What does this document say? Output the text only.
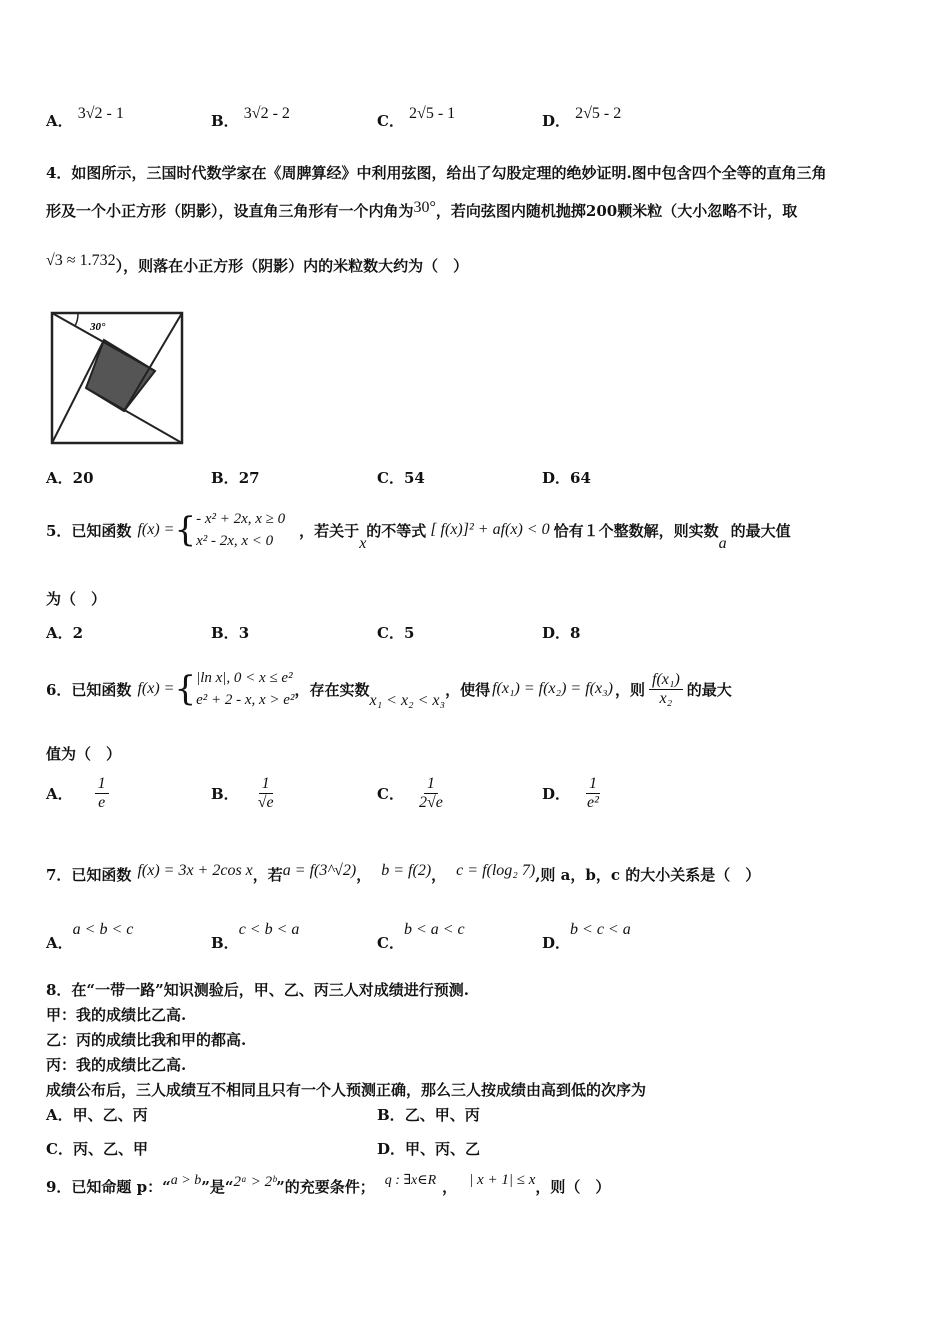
A． 3√2 - 1	B． 3√2 - 2	C． 2√5 - 1	D． 2√5 - 2
4．如图所示，三国时代数学家在《周脾算经》中利用弦图，给出了勾股定理的绝妙证明.图中包含四个全等的直角三角
形及一个小正方形（阴影），设直角三角形有一个内角为30°，若向弦图内随机抛掷200颗米粒（大小忽略不计，取
√3 ≈ 1.732），则落在小正方形（阴影）内的米粒数大约为（　）
30°
A．20	B．27	C．54	D．64
5．已知函数 f(x) = { - x² + 2x, x ≥ 0
x² - 2x, x < 0
，若关于
x
的不等式 [ f(x)]² + af(x) < 0 恰有１个整数解，则实数
a
的最大值
为（　）
A．2	B．3	C．5	D．8
6．已知函数 f(x) = { |ln x|, 0 < x ≤ e²
e² + 2 - x, x > e²
，存在实数
x₁ < x₂ < x₃
，使得 f(x₁) = f(x₂) = f(x₃) ，则 $\frac{\text{f(x₁)}}{\text{x₂}}$ 的最大
值为（　）
A． $\frac{1}{e}$	B． $\frac{1}{√e}$	C． $\frac{1}{2√e}$	D． $\frac{1}{\text{e²}}$
7．已知函数 f(x) = 3x + 2cos x ，若 a = f(3^√2) ， b = f(2) ， c = f(log₂ 7) ,则 a，b，c 的大小关系是（　）
A．a < b < c
B．c < b < a
C．b < a < c
D．b < c < a
8．在“一带一路”知识测验后，甲、乙、丙三人对成绩进行预测.
甲：我的成绩比乙高.
乙：丙的成绩比我和甲的都高.
丙：我的成绩比乙高.
成绩公布后，三人成绩互不相同且只有一个人预测正确，那么三人按成绩由高到低的次序为
A．甲、乙、丙	B．乙、甲、丙
C．丙、乙、甲	D．甲、丙、乙
9．已知命题 p：“ a > b ”是“ 2ᵃ > 2ᵇ ”的充要条件； q : ∃x∈R ， | x + 1| ≤ x ，则（　）
